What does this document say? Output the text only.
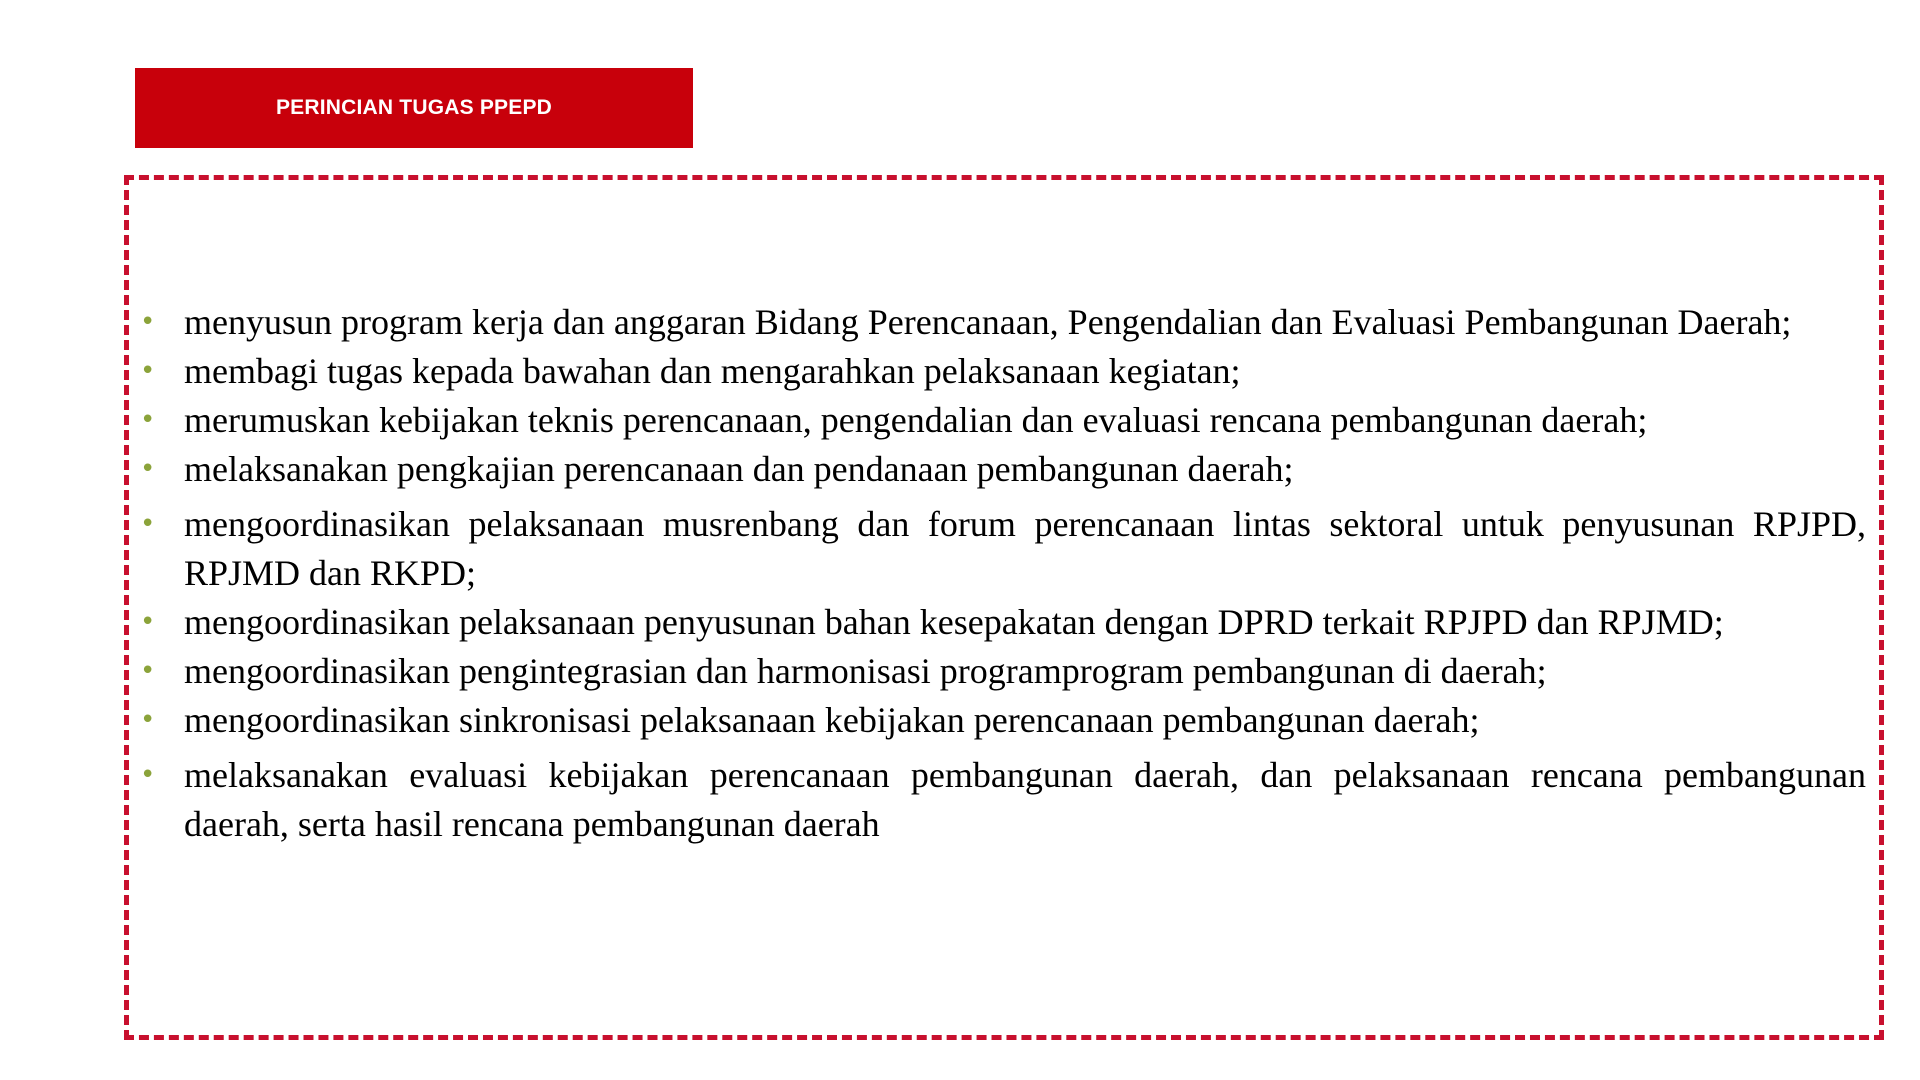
PERINCIAN TUGAS PPEPD
• menyusun program kerja dan anggaran Bidang Perencanaan, Pengendalian dan Evaluasi Pembangunan Daerah;
• membagi tugas kepada bawahan dan mengarahkan pelaksanaan kegiatan;
• merumuskan kebijakan teknis perencanaan, pengendalian dan evaluasi rencana pembangunan daerah;
• melaksanakan pengkajian perencanaan dan pendanaan pembangunan daerah;
• mengoordinasikan pelaksanaan musrenbang dan forum perencanaan lintas sektoral untuk penyusunan RPJPD, RPJMD dan RKPD;
• mengoordinasikan pelaksanaan penyusunan bahan kesepakatan dengan DPRD terkait RPJPD dan RPJMD;
• mengoordinasikan pengintegrasian dan harmonisasi programprogram pembangunan di daerah;
• mengoordinasikan sinkronisasi pelaksanaan kebijakan perencanaan pembangunan daerah;
• melaksanakan evaluasi kebijakan perencanaan pembangunan daerah, dan pelaksanaan rencana pembangunan daerah, serta hasil rencana pembangunan daerah
